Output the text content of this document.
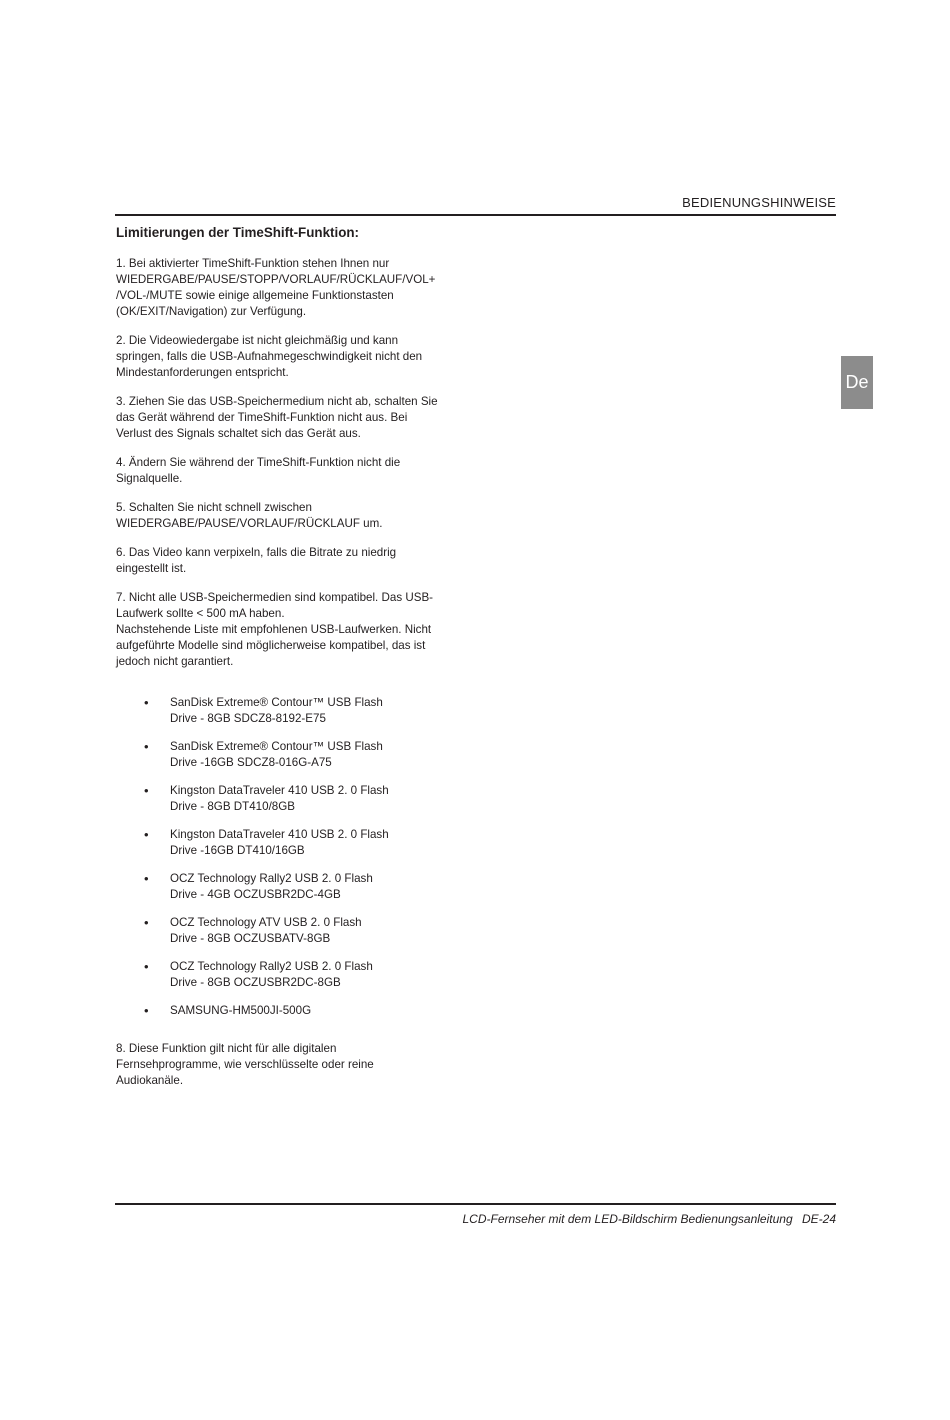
BEDIENUNGSHINWEISE
De
Limitierungen der TimeShift-Funktion:

1. Bei aktivierter TimeShift-Funktion stehen Ihnen nur WIEDERGABE/PAUSE/STOPP/VORLAUF/RÜCKLAUF/VOL+ /VOL-/MUTE sowie einige allgemeine Funktionstasten (OK/EXIT/Navigation) zur Verfügung.

2. Die Videowiedergabe ist nicht gleichmäßig und kann springen, falls die USB-Aufnahmegeschwindigkeit nicht den Mindestanforderungen entspricht.

3. Ziehen Sie das USB-Speichermedium nicht ab, schalten Sie das Gerät während der TimeShift-Funktion nicht aus. Bei Verlust des Signals schaltet sich das Gerät aus.

4. Ändern Sie während der TimeShift-Funktion nicht die Signalquelle.

5. Schalten Sie nicht schnell zwischen WIEDERGABE/PAUSE/VORLAUF/RÜCKLAUF um.

6. Das Video kann verpixeln, falls die Bitrate zu niedrig eingestellt ist.

7. Nicht alle USB-Speichermedien sind kompatibel. Das USB-Laufwerk sollte < 500 mA haben.
Nachstehende Liste mit empfohlenen USB-Laufwerken. Nicht aufgeführte Modelle sind möglicherweise kompatibel, das ist jedoch nicht garantiert.
• SanDisk Extreme® Contour™ USB Flash
Drive - 8GB SDCZ8-8192-E75
• SanDisk Extreme® Contour™ USB Flash
Drive -16GB SDCZ8-016G-A75
• Kingston DataTraveler 410 USB 2. 0 Flash
Drive - 8GB DT410/8GB
• Kingston DataTraveler 410 USB 2. 0 Flash
Drive -16GB DT410/16GB
• OCZ Technology Rally2 USB 2. 0 Flash
Drive - 4GB OCZUSBR2DC-4GB
• OCZ Technology ATV USB 2. 0 Flash
Drive - 8GB OCZUSBATV-8GB
• OCZ Technology Rally2 USB 2. 0 Flash
Drive - 8GB OCZUSBR2DC-8GB
• SAMSUNG-HM500JI-500G

8. Diese Funktion gilt nicht für alle digitalen Fernsehprogramme, wie verschlüsselte oder reine Audiokanäle.

LCD-Fernseher mit dem LED-Bildschirm Bedienungsanleitung DE-24
